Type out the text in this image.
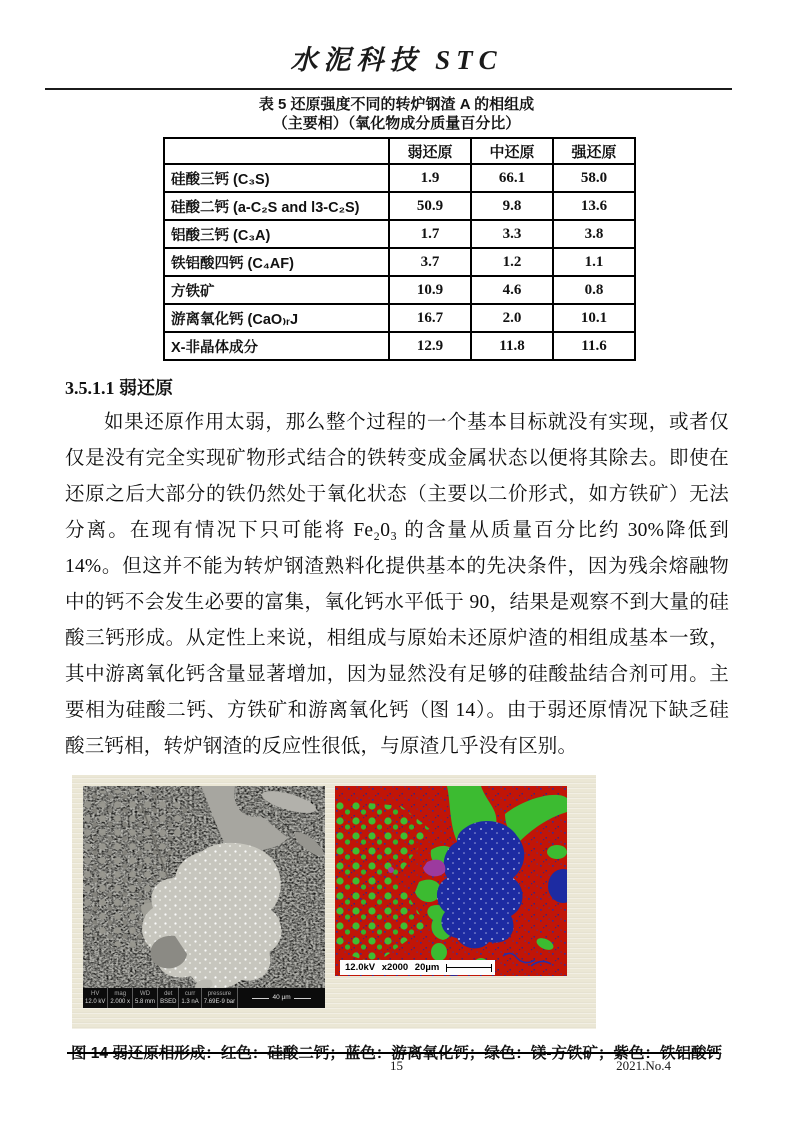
水泥科技 STC
表 5 还原强度不同的转炉钢渣 A 的相组成
（主要相）（氧化物成分质量百分比）
	弱还原	中还原	强还原
硅酸三钙 (C₃S)	1.9	66.1	58.0
硅酸二钙 (a-C₂S and l3-C₂S)	50.9	9.8	13.6
铝酸三钙 (C₃A)	1.7	3.3	3.8
铁铝酸四钙 (C₄AF)	3.7	1.2	1.1
方铁矿	10.9	4.6	0.8
游离氧化钙 (CaO₎ᵣJ	16.7	2.0	10.1
X-非晶体成分	12.9	11.8	11.6
3.5.1.1 弱还原
如果还原作用太弱，那么整个过程的一个基本目标就没有实现，或者仅仅是没有完全实现矿物形式结合的铁转变成金属状态以便将其除去。即使在还原之后大部分的铁仍然处于氧化状态（主要以二价形式，如方铁矿）无法分离。在现有情况下只可能将 Fe₂0₃ 的含量从质量百分比约 30%降低到 14%。但这并不能为转炉钢渣熟料化提供基本的先决条件，因为残余熔融物中的钙不会发生必要的富集，氧化钙水平低于 90，结果是观察不到大量的硅酸三钙形成。从定性上来说，相组成与原始未还原炉渣的相组成基本一致，其中游离氧化钙含量显著增加，因为显然没有足够的硅酸盐结合剂可用。主要相为硅酸二钙、方铁矿和游离氧化钙（图 14）。由于弱还原情况下缺乏硅酸三钙相，转炉钢渣的反应性很低，与原渣几乎没有区别。
HV
12.0 kV
mag
2.000 x
WD
5.8 mm
det
BSED
curr
1.3 nA
pressure
7.69E-9 bar
40 µm
12.0kV x2000 20µm
图 14 弱还原相形成：红色：硅酸二钙；蓝色：游离氧化钙；绿色：镁-方铁矿；紫色：铁铝酸钙
15	2021.No.4
